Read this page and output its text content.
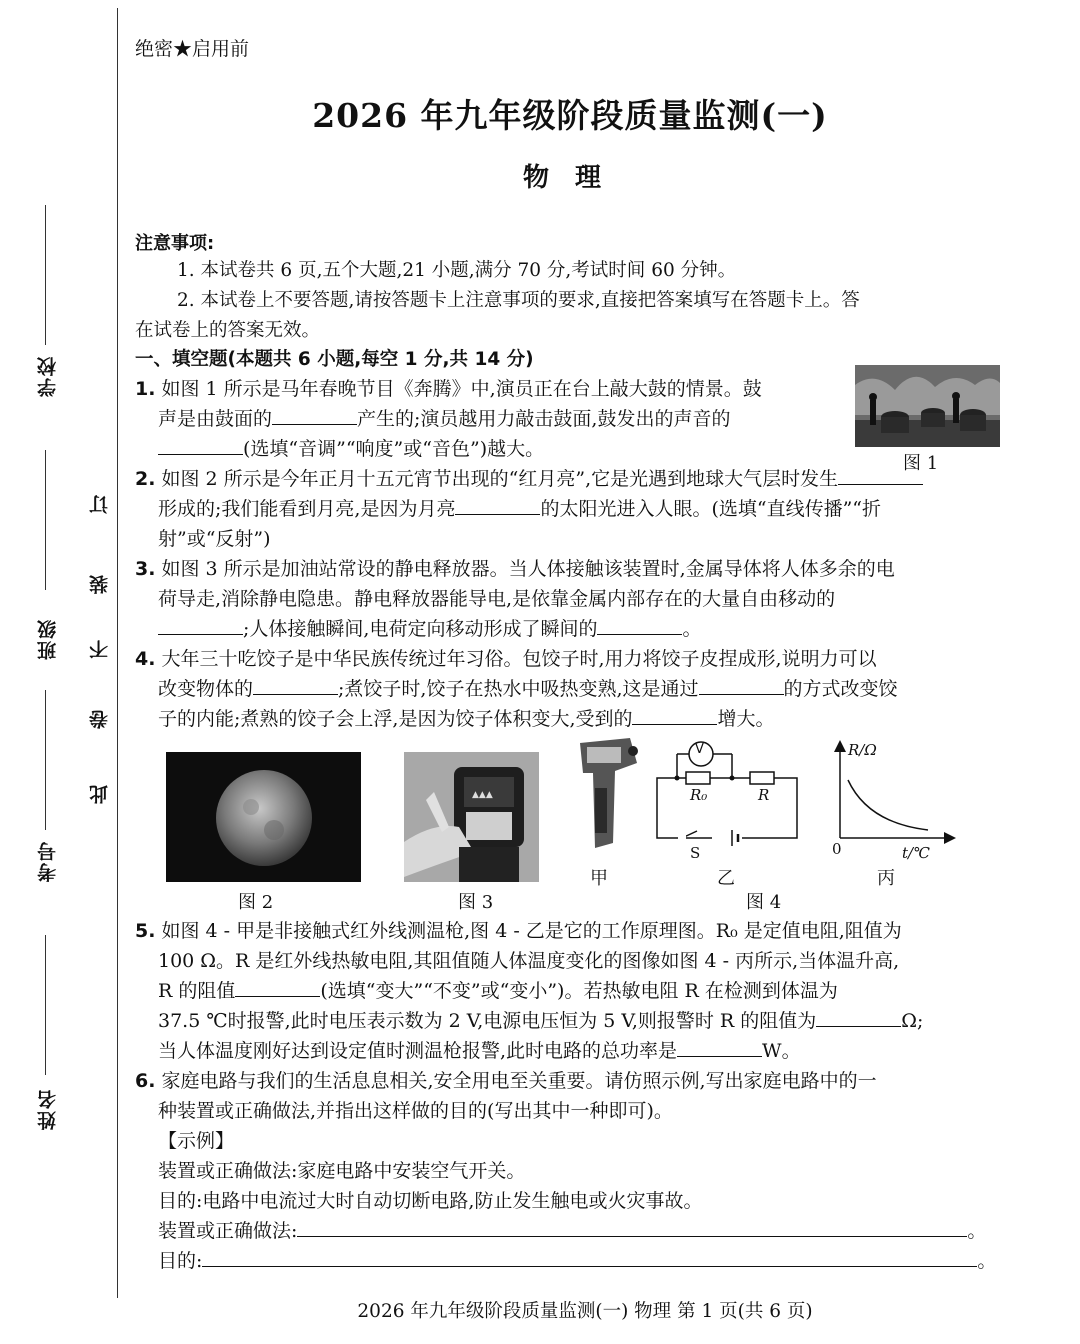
学校
班级
考号
姓名
订
装
不
卷
此
绝密★启用前
2026 年九年级阶段质量监测(一)
物理
注意事项:
1. 本试卷共 6 页,五个大题,21 小题,满分 70 分,考试时间 60 分钟。
2. 本试卷上不要答题,请按答题卡上注意事项的要求,直接把答案填写在答题卡上。答
在试卷上的答案无效。
一、填空题(本题共 6 小题,每空 1 分,共 14 分)
1. 如图 1 所示是马年春晚节目《奔腾》中,演员正在台上敲大鼓的情景。鼓
声是由鼓面的	产生的;演员越用力敲击鼓面,鼓发出的声音的
(选填“音调”“响度”或“音色”)越大。
图 1
2. 如图 2 所示是今年正月十五元宵节出现的“红月亮”,它是光遇到地球大气层时发生
形成的;我们能看到月亮,是因为月亮	的太阳光进入人眼。(选填“直线传播”“折
射”或“反射”)
3. 如图 3 所示是加油站常设的静电释放器。当人体接触该装置时,金属导体将人体多余的电
荷导走,消除静电隐患。静电释放器能导电,是依靠金属内部存在的大量自由移动的
;人体接触瞬间,电荷定向移动形成了瞬间的	。
4. 大年三十吃饺子是中华民族传统过年习俗。包饺子时,用力将饺子皮捏成形,说明力可以
改变物体的	;煮饺子时,饺子在热水中吸热变熟,这是通过	的方式改变饺
子的内能;煮熟的饺子会上浮,是因为饺子体积变大,受到的	增大。
图 2
▲▲▲
图 3
甲
V
R₀	R
S
乙
R/Ω
0	t/℃
丙
图 4
5. 如图 4 - 甲是非接触式红外线测温枪,图 4 - 乙是它的工作原理图。R₀ 是定值电阻,阻值为
100 Ω。R 是红外线热敏电阻,其阻值随人体温度变化的图像如图 4 - 丙所示,当体温升高,
R 的阻值	(选填“变大”“不变”或“变小”)。若热敏电阻 R 在检测到体温为
37.5 ℃时报警,此时电压表示数为 2 V,电源电压恒为 5 V,则报警时 R 的阻值为	Ω;
当人体温度刚好达到设定值时测温枪报警,此时电路的总功率是	W。
6. 家庭电路与我们的生活息息相关,安全用电至关重要。请仿照示例,写出家庭电路中的一
种装置或正确做法,并指出这样做的目的(写出其中一种即可)。
【示例】
装置或正确做法:家庭电路中安装空气开关。
目的:电路中电流过大时自动切断电路,防止发生触电或火灾事故。
装置或正确做法:	。
目的:	。
2026 年九年级阶段质量监测(一) 物理 第 1 页(共 6 页)
